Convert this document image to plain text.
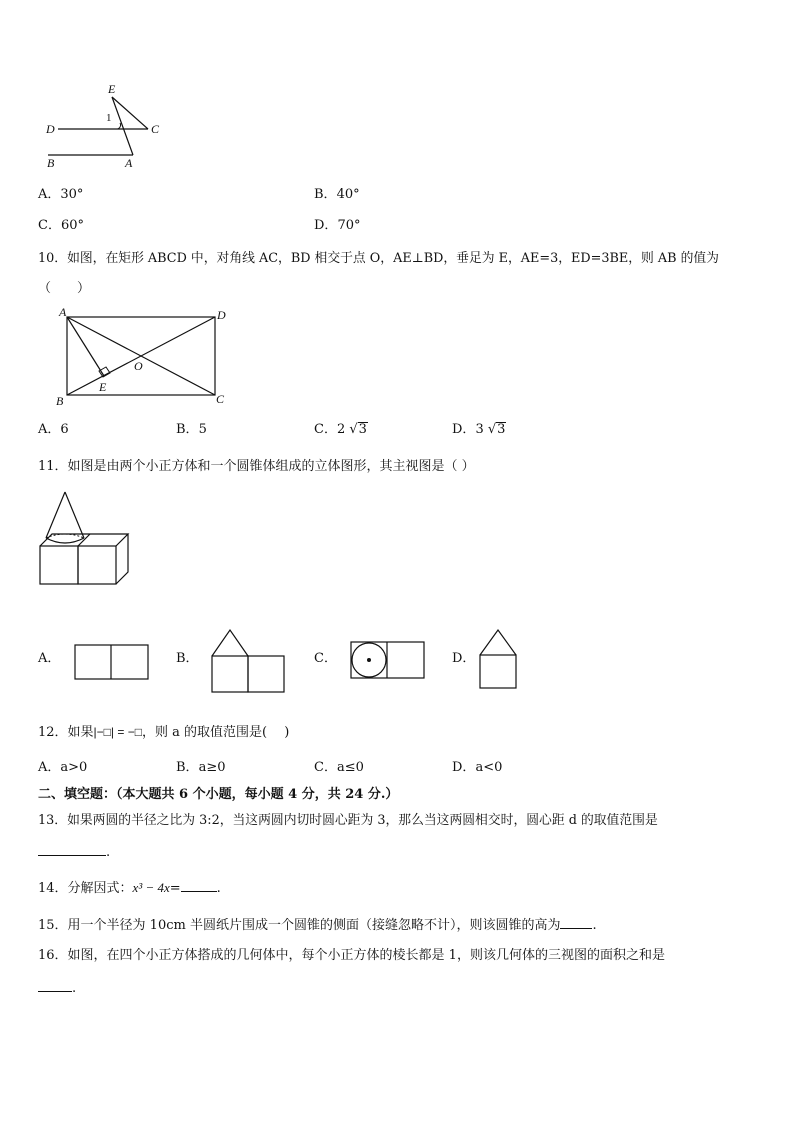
E
1
D	C
B	A
A．30°	B．40°
C．60°	D．70°
10．如图，在矩形 ABCD 中，对角线 AC，BD 相交于点 O，AE⊥BD，垂足为 E，AE=3，ED=3BE，则 AB 的值为
（　　）
A	D
O
E
B	C
A．6	B．5	C．2 √3	D．3 √3
11．如图是由两个小正方体和一个圆锥体组成的立体图形，其主视图是（ ）
A．	B．	C．	D．
12．如果|−□| = −□，则 a 的取值范围是(　 )
A．a>0	B．a≥0	C．a≤0	D．a<0
二、填空题：（本大题共 6 个小题，每小题 4 分，共 24 分.）
13．如果两圆的半径之比为 3:2，当这两圆内切时圆心距为 3，那么当这两圆相交时，圆心距 d 的取值范围是
.
14．分解因式：x³ − 4x=	.
15．用一个半径为 10cm 半圆纸片围成一个圆锥的侧面（接缝忽略不计），则该圆锥的高为 .
16．如图，在四个小正方体搭成的几何体中，每个小正方体的棱长都是 1，则该几何体的三视图的面积之和是
.
